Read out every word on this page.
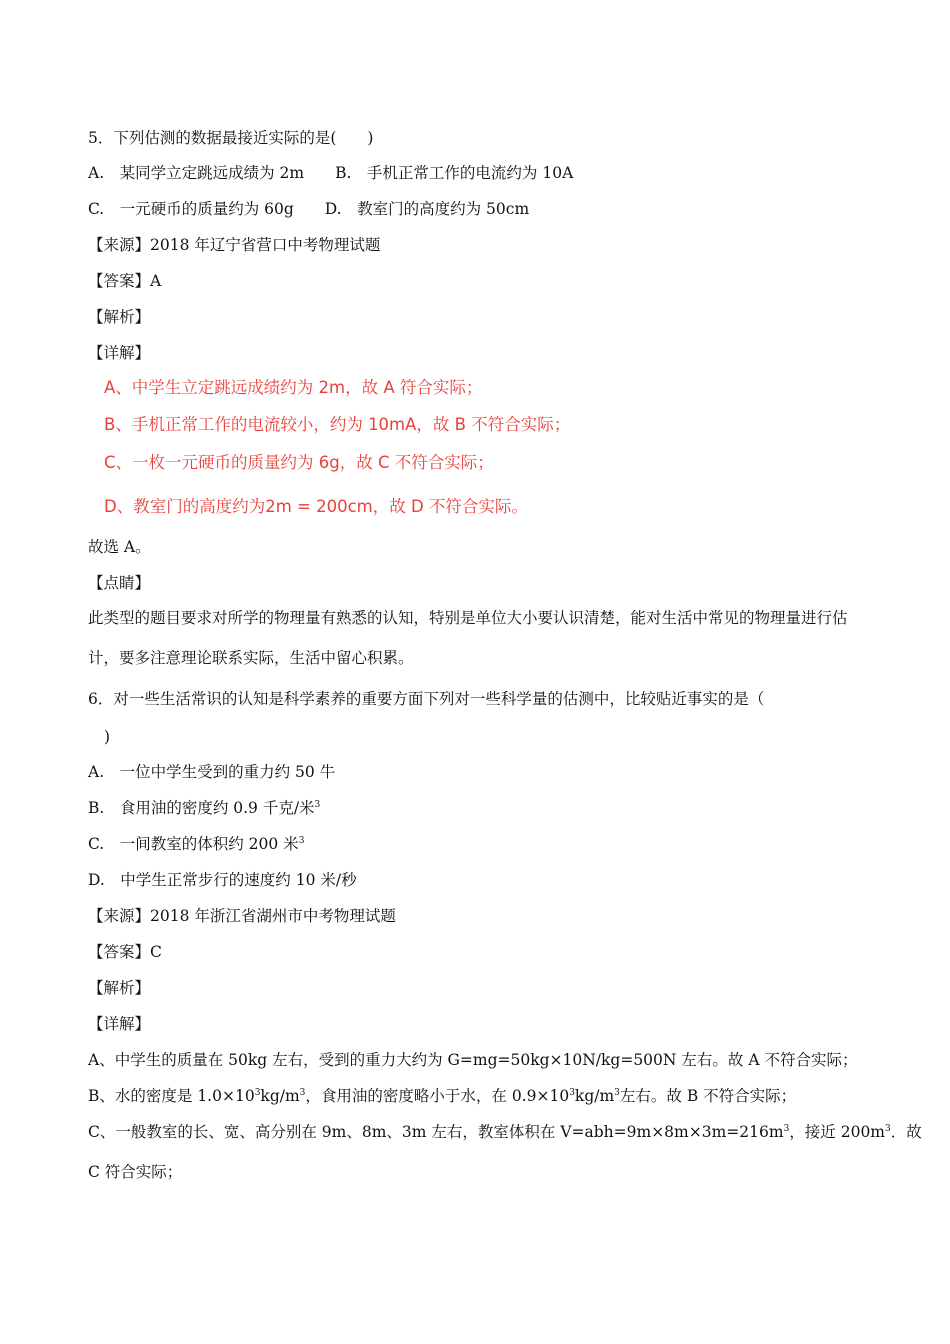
5．下列估测的数据最接近实际的是(　　)
A.　某同学立定跳远成绩为 2m　　B.　手机正常工作的电流约为 10A
C.　一元硬币的质量约为 60g　　D.　教室门的高度约为 50cm
【来源】2018 年辽宁省营口中考物理试题
【答案】A
【解析】
【详解】
A、中学生立定跳远成绩约为 2m，故 A 符合实际；
B、手机正常工作的电流较小，约为 10mA，故 B 不符合实际；
C、一枚一元硬币的质量约为 6g，故 C 不符合实际；
D、教室门的高度约为2m = 200cm，故 D 不符合实际。
故选 A。
【点睛】
此类型的题目要求对所学的物理量有熟悉的认知，特别是单位大小要认识清楚，能对生活中常见的物理量进行估计，要多注意理论联系实际，生活中留心积累。
6．对一些生活常识的认知是科学素养的重要方面下列对一些科学量的估测中，比较贴近事实的是（
)
A.　一位中学生受到的重力约 50 牛
B.　食用油的密度约 0.9 千克/米$^3$
C.　一间教室的体积约 200 米$^3$
D.　中学生正常步行的速度约 10 米/秒
【来源】2018 年浙江省湖州市中考物理试题
【答案】C
【解析】
【详解】
A、中学生的质量在 50kg 左右，受到的重力大约为 G=mg=50kg×10N/kg=500N 左右。故 A 不符合实际；
B、水的密度是 $1.0\times 10^3kg/m^3$，食用油的密度略小于水，在 $0.9\times 10^3kg/m^3$左右。故 B 不符合实际；
C、一般教室的长、宽、高分别在 9m、8m、3m 左右，教室体积在 $V=abh=9m\times 8m\times 3m=216m^3$，接近 $200m^3$．故
C 符合实际；
